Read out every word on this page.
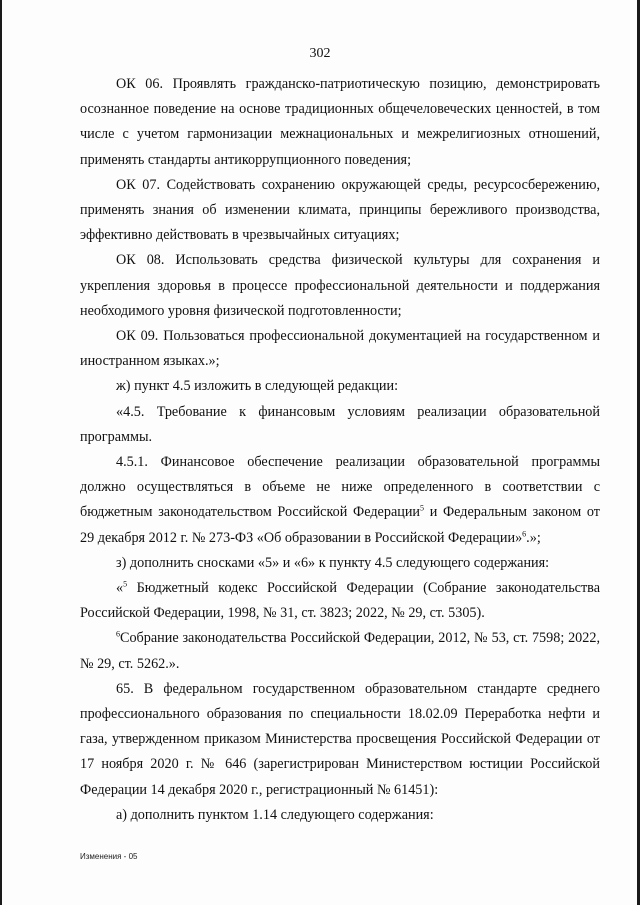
302

ОК 06. Проявлять гражданско-патриотическую позицию, демонстрировать осознанное поведение на основе традиционных общечеловеческих ценностей, в том числе с учетом гармонизации межнациональных и межрелигиозных отношений, применять стандарты антикоррупционного поведения;

ОК 07. Содействовать сохранению окружающей среды, ресурсосбережению, применять знания об изменении климата, принципы бережливого производства, эффективно действовать в чрезвычайных ситуациях;

ОК 08. Использовать средства физической культуры для сохранения и укрепления здоровья в процессе профессиональной деятельности и поддержания необходимого уровня физической подготовленности;

ОК 09. Пользоваться профессиональной документацией на государственном и иностранном языках.»;

ж) пункт 4.5 изложить в следующей редакции:

«4.5. Требование к финансовым условиям реализации образовательной программы.

4.5.1. Финансовое обеспечение реализации образовательной программы должно осуществляться в объеме не ниже определенного в соответствии с бюджетным законодательством Российской Федерации$^5$ и Федеральным законом от 29 декабря 2012 г. № 273-ФЗ «Об образовании в Российской Федерации»$^6$.»;

з) дополнить сносками «5» и «6» к пункту 4.5 следующего содержания:

«$^5$ Бюджетный кодекс Российской Федерации (Собрание законодательства Российской Федерации, 1998, № 31, ст. 3823; 2022, № 29, ст. 5305).

$^6$Собрание законодательства Российской Федерации, 2012, № 53, ст. 7598; 2022, № 29, ст. 5262.».

65. В федеральном государственном образовательном стандарте среднего профессионального образования по специальности 18.02.09 Переработка нефти и газа, утвержденном приказом Министерства просвещения Российской Федерации от 17 ноября 2020 г. № 646 (зарегистрирован Министерством юстиции Российской Федерации 14 декабря 2020 г., регистрационный № 61451):

а) дополнить пунктом 1.14 следующего содержания:

Изменения - 05
